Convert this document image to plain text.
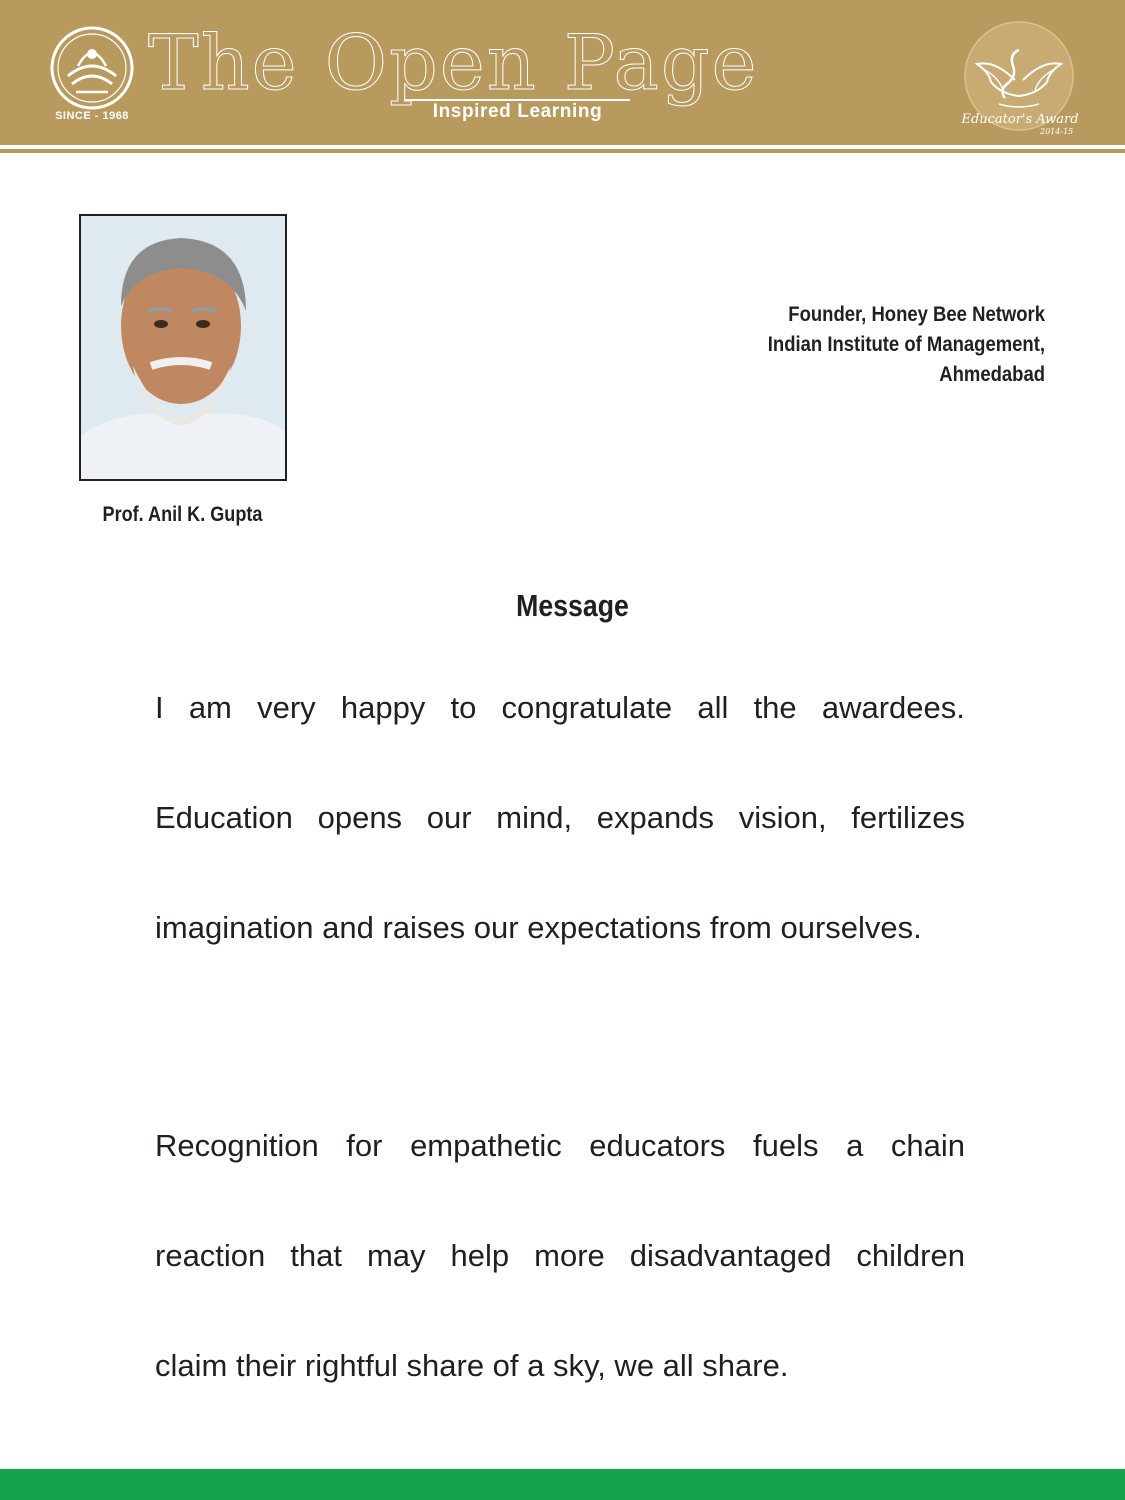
SINCE - 1968
The Open Page
Inspired Learning	Educator's Award
2014-15
Prof. Anil K. Gupta
Founder, Honey Bee Network
Indian Institute of Management,
Ahmedabad
Message
I am very happy to congratulate all the awardees.
Education opens our mind, expands vision, fertilizes
imagination and raises our expectations from ourselves.
Recognition for empathetic educators fuels a chain
reaction that may help more disadvantaged children
claim their rightful share of a sky, we all share.
